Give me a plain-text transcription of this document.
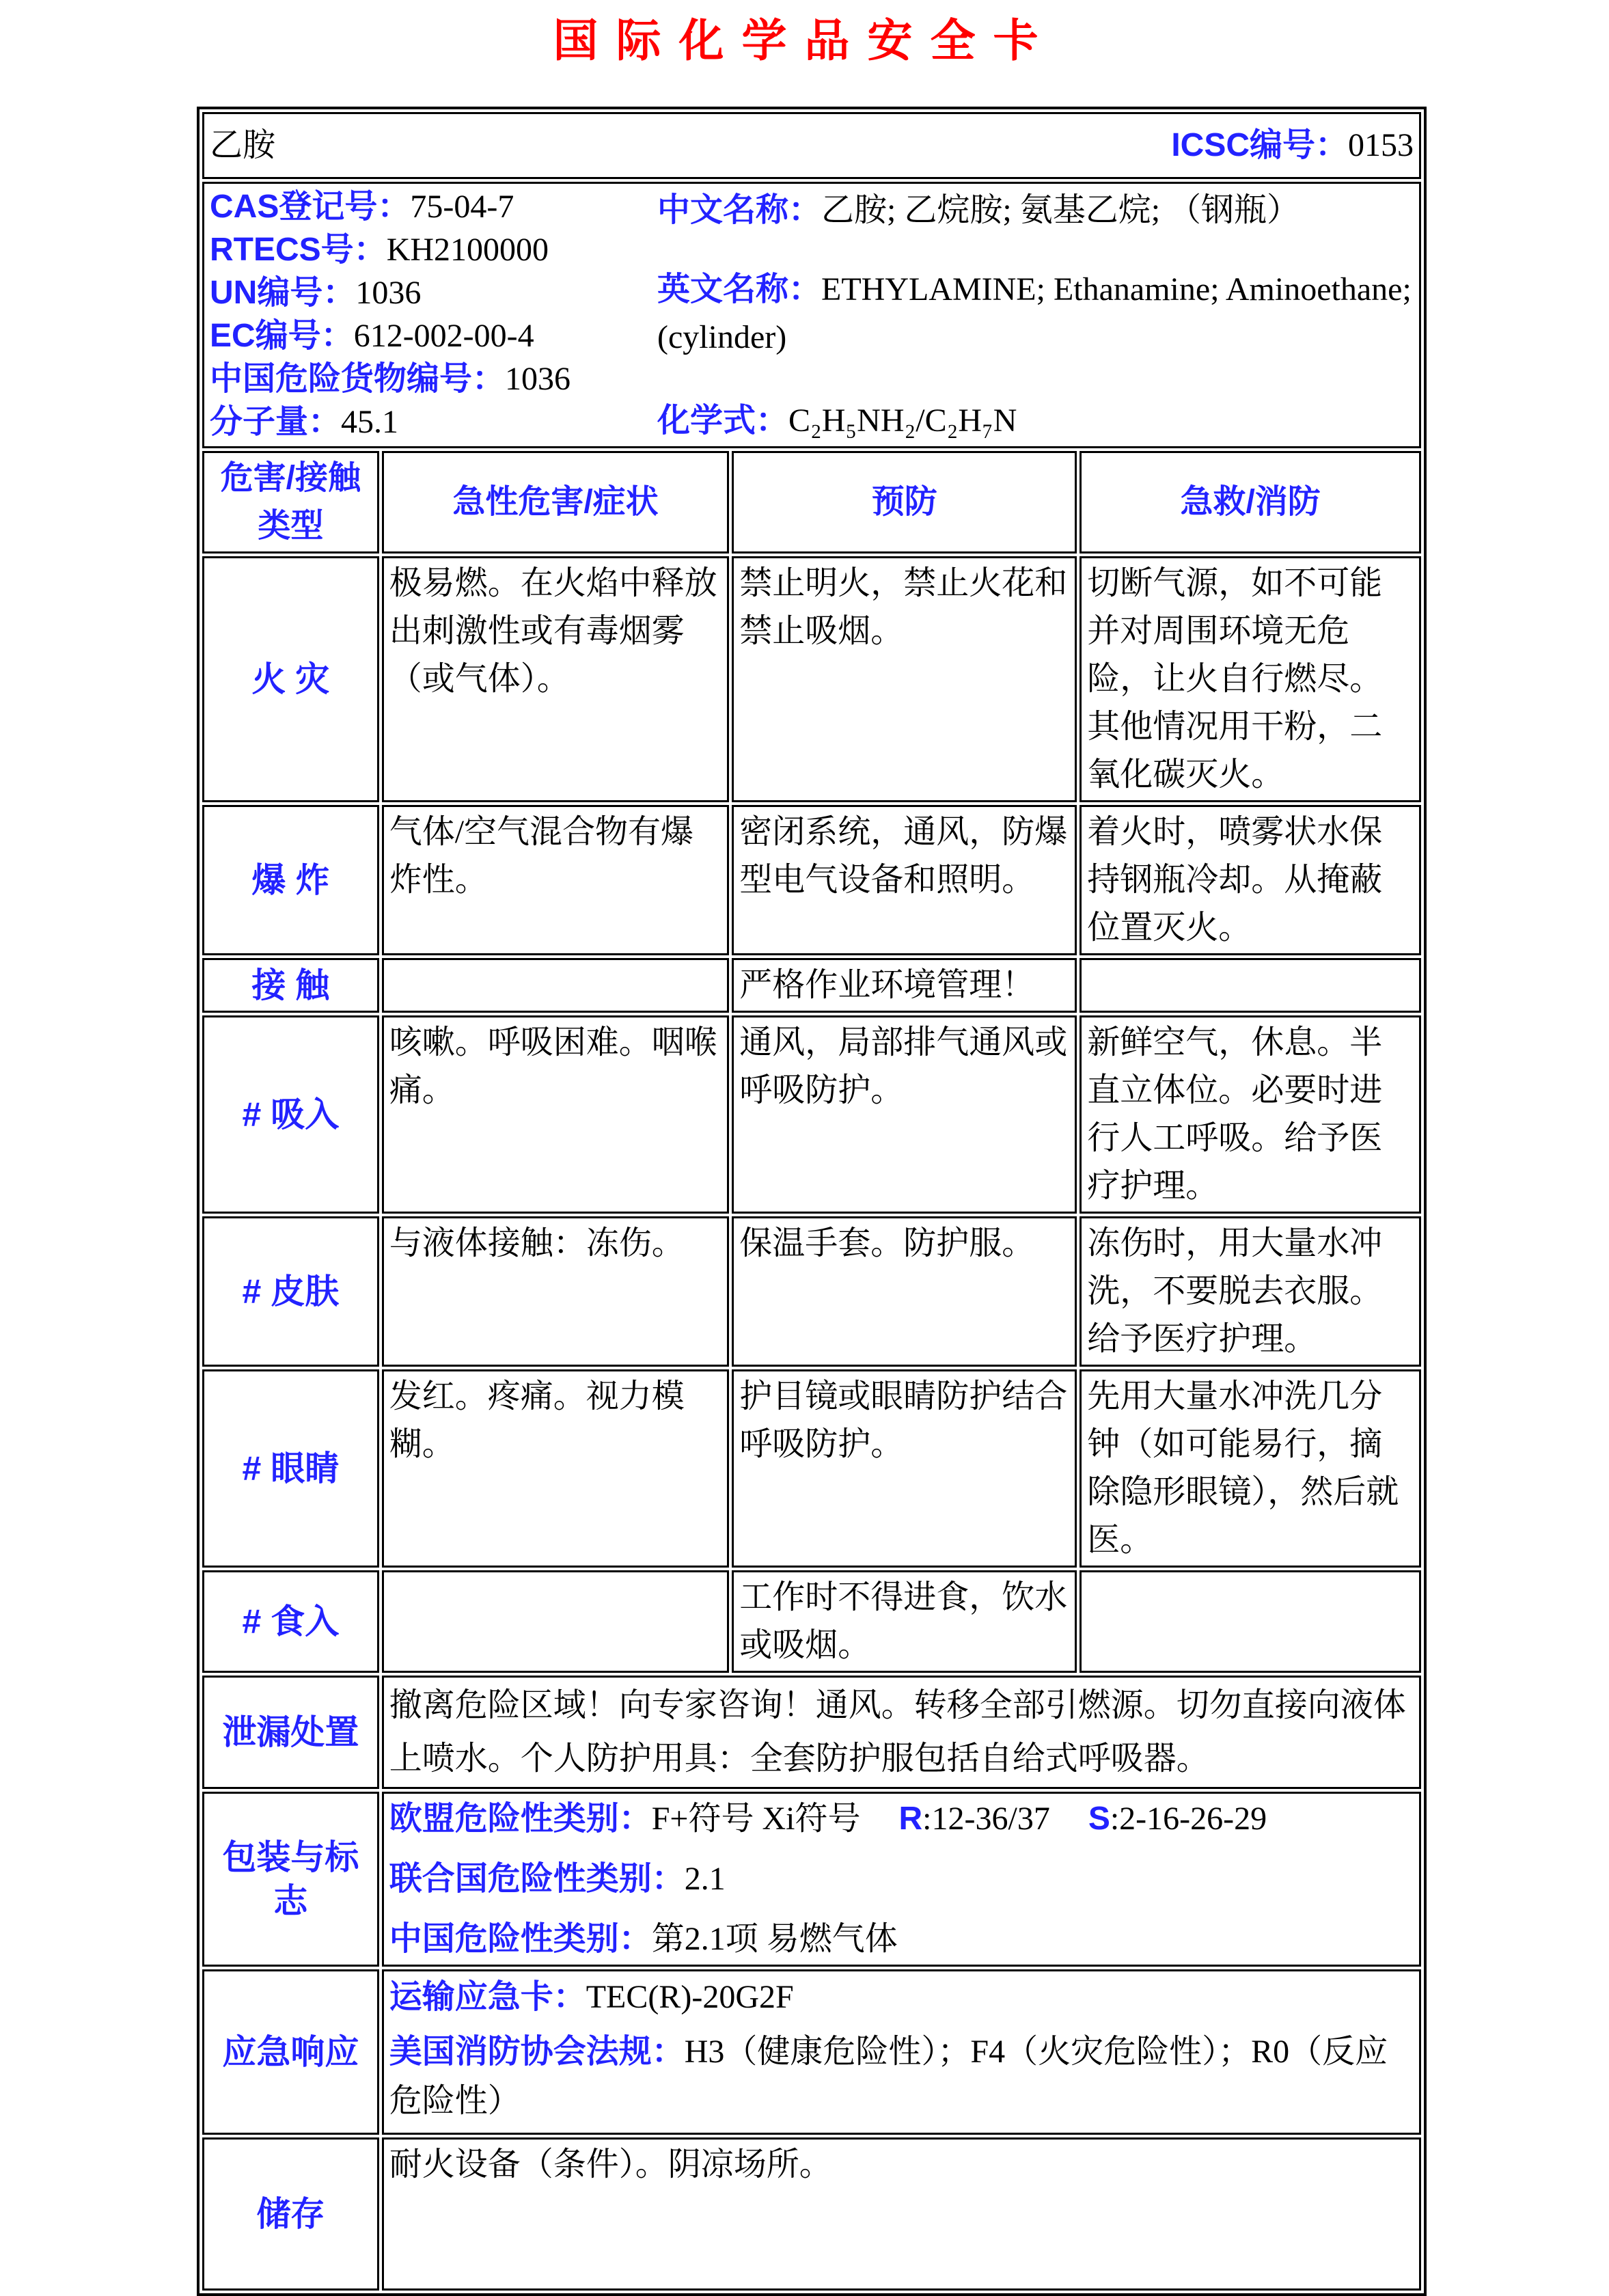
国际化学品安全卡
乙胺 ICSC编号：0153			

CAS登记号：75-04-7
RTECS号：KH2100000
UN编号：1036
EC编号：612-002-00-4
中国危险货物编号：1036
分子量：45.1
中文名称：乙胺; 乙烷胺; 氨基乙烷; （钢瓶）
英文名称：ETHYLAMINE; Ethanamine; Aminoethane; (cylinder)
化学式：C₂H₅NH₂/C₂H₇N

危害/接触
类型	急性危害/症状	预防	急救/消防
火 灾	极易燃。在火焰中释放出刺激性或有毒烟雾（或气体）。	禁止明火，禁止火花和禁止吸烟。	切断气源，如不可能并对周围环境无危险，让火自行燃尽。其他情况用干粉，二氧化碳灭火。
爆 炸	气体/空气混合物有爆炸性。	密闭系统，通风，防爆型电气设备和照明。	着火时，喷雾状水保持钢瓶冷却。从掩蔽位置灭火。
接 触		严格作业环境管理！	
# 吸入	咳嗽。呼吸困难。咽喉痛。	通风，局部排气通风或呼吸防护。	新鲜空气，休息。半直立体位。必要时进行人工呼吸。给予医疗护理。
# 皮肤	与液体接触：冻伤。	保温手套。防护服。	冻伤时，用大量水冲洗，不要脱去衣服。给予医疗护理。
# 眼睛	发红。疼痛。视力模糊。	护目镜或眼睛防护结合呼吸防护。	先用大量水冲洗几分钟（如可能易行，摘除隐形眼镜），然后就医。
# 食入		工作时不得进食，饮水或吸烟。	
泄漏处置	撤离危险区域！向专家咨询！通风。转移全部引燃源。切勿直接向液体上喷水。个人防护用具：全套防护服包括自给式呼吸器。		
包装与标志	欧盟危险性类别：F+符号 Xi符号 R:12-36/37 S:2-16-26-29
联合国危险性类别：2.1
中国危险性类别：第2.1项 易燃气体		

应急响应	运输应急卡：TEC(R)-20G2F
美国消防协会法规：H3（健康危险性）；F4（火灾危险性）；R0（反应危险性）		

储存	耐火设备（条件）。阴凉场所。		
